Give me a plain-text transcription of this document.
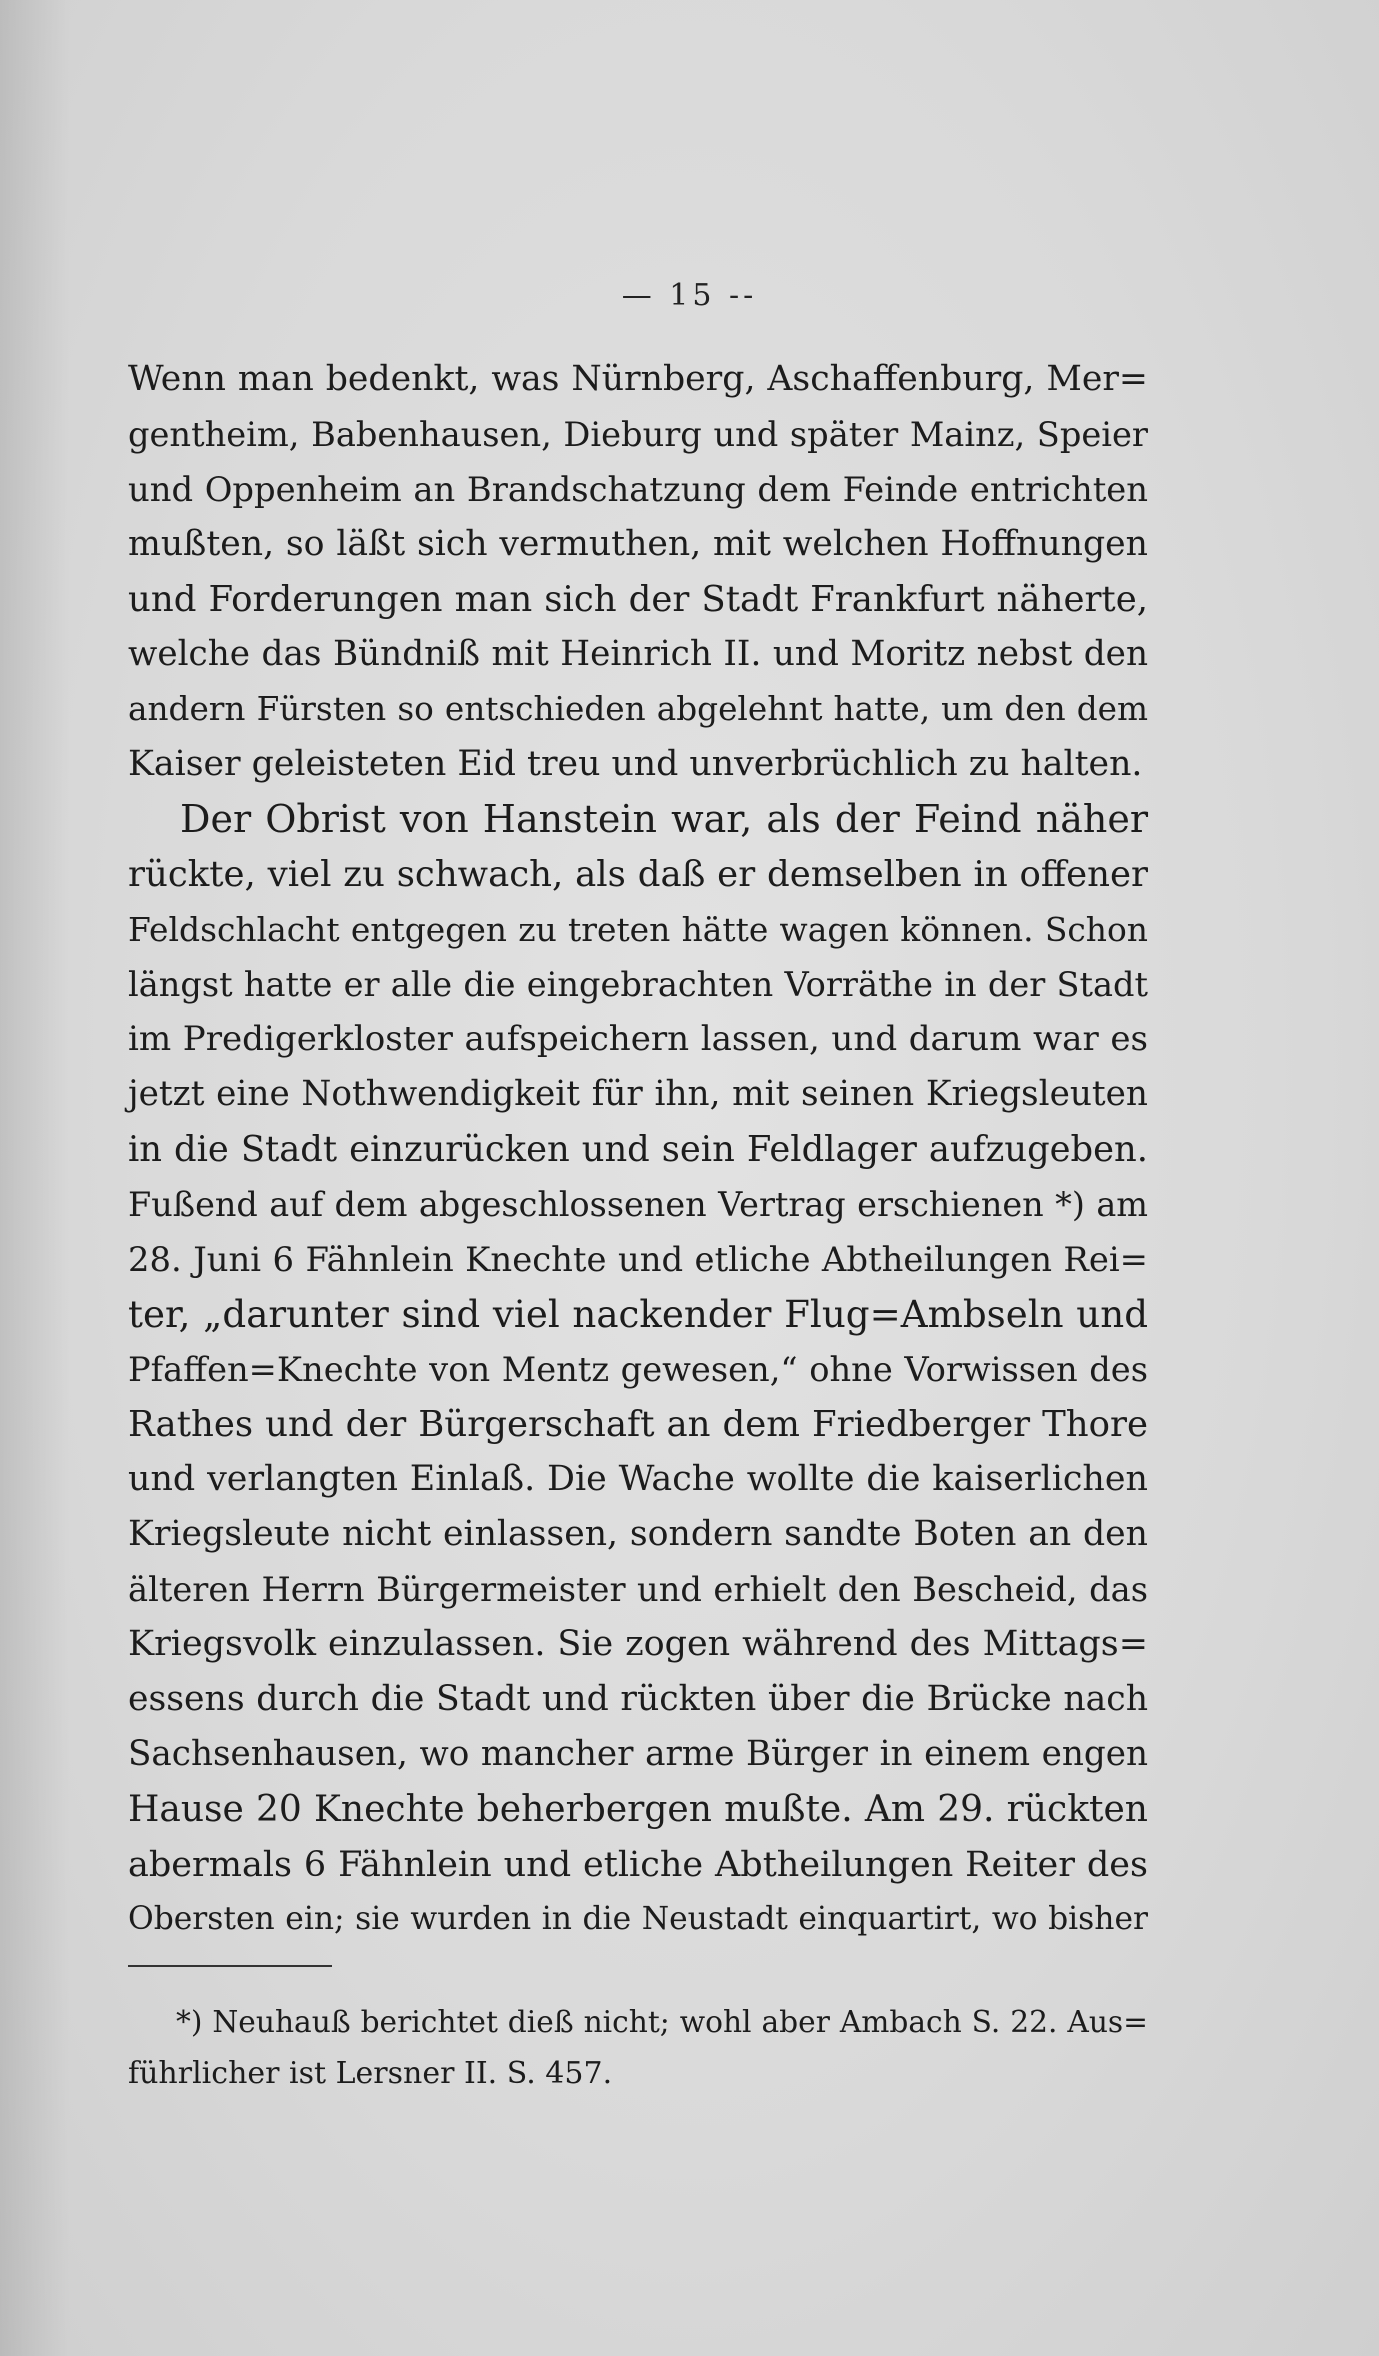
— 15 --
Wenn man bedenkt, was Nürnberg, Aschaffenburg, Mer=
gentheim, Babenhausen, Dieburg und später Mainz, Speier
und Oppenheim an Brandschatzung dem Feinde entrichten
mußten, so läßt sich vermuthen, mit welchen Hoffnungen
und Forderungen man sich der Stadt Frankfurt näherte,
welche das Bündniß mit Heinrich II. und Moritz nebst den
andern Fürsten so entschieden abgelehnt hatte, um den dem
Kaiser geleisteten Eid treu und unverbrüchlich zu halten.
Der Obrist von Hanstein war, als der Feind näher
rückte, viel zu schwach, als daß er demselben in offener
Feldschlacht entgegen zu treten hätte wagen können. Schon
längst hatte er alle die eingebrachten Vorräthe in der Stadt
im Predigerkloster aufspeichern lassen, und darum war es
jetzt eine Nothwendigkeit für ihn, mit seinen Kriegsleuten
in die Stadt einzurücken und sein Feldlager aufzugeben.
Fußend auf dem abgeschlossenen Vertrag erschienen *) am
28. Juni 6 Fähnlein Knechte und etliche Abtheilungen Rei=
ter, „darunter sind viel nackender Flug=Ambseln und
Pfaffen=Knechte von Mentz gewesen,“ ohne Vorwissen des
Rathes und der Bürgerschaft an dem Friedberger Thore
und verlangten Einlaß. Die Wache wollte die kaiserlichen
Kriegsleute nicht einlassen, sondern sandte Boten an den
älteren Herrn Bürgermeister und erhielt den Bescheid, das
Kriegsvolk einzulassen. Sie zogen während des Mittags=
essens durch die Stadt und rückten über die Brücke nach
Sachsenhausen, wo mancher arme Bürger in einem engen
Hause 20 Knechte beherbergen mußte. Am 29. rückten
abermals 6 Fähnlein und etliche Abtheilungen Reiter des
Obersten ein; sie wurden in die Neustadt einquartirt, wo bisher
*) Neuhauß berichtet dieß nicht; wohl aber Ambach S. 22. Aus=
führlicher ist Lersner II. S. 457.
